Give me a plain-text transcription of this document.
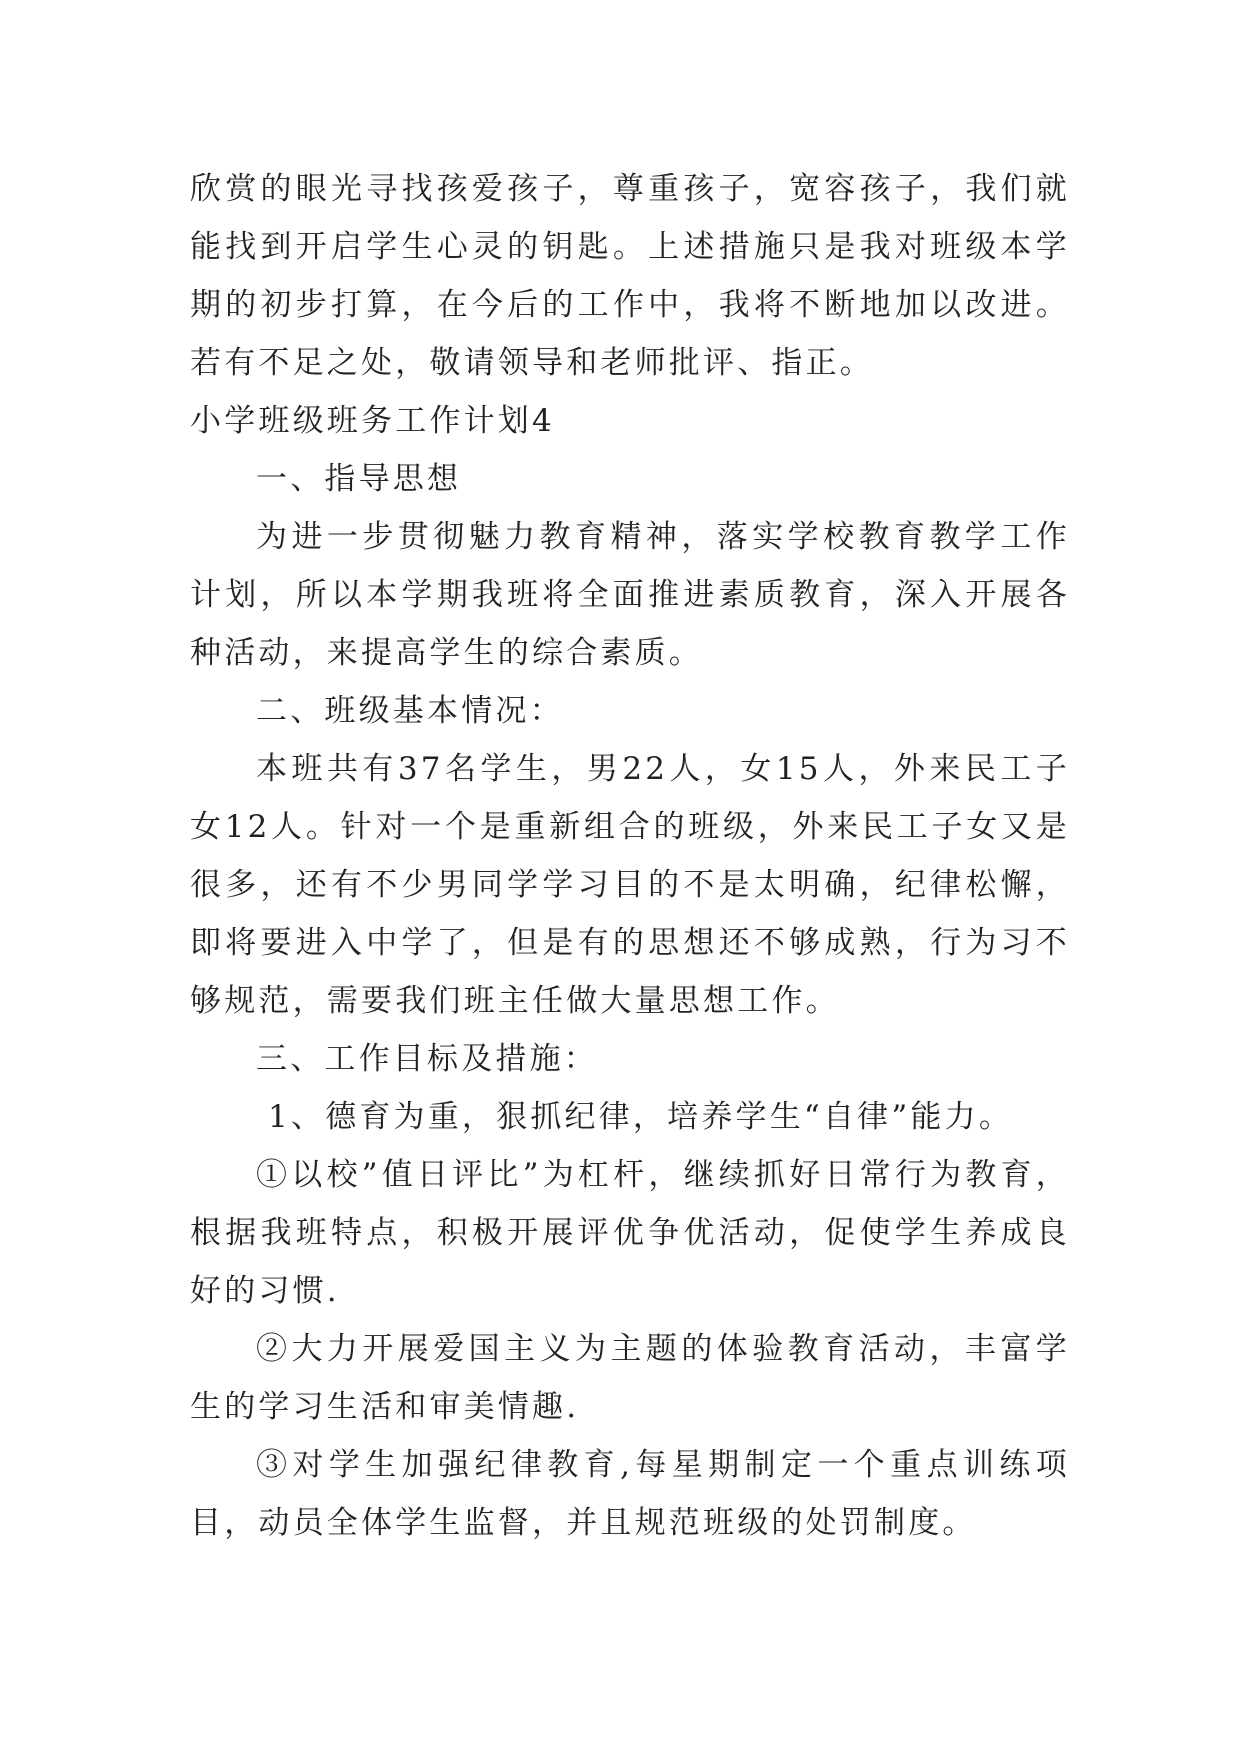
欣赏的眼光寻找孩爱孩子，尊重孩子，宽容孩子，我们就能找到开启学生心灵的钥匙。上述措施只是我对班级本学期的初步打算，在今后的工作中，我将不断地加以改进。若有不足之处，敬请领导和老师批评、指正。

小学班级班务工作计划4

一、指导思想

为进一步贯彻魅力教育精神，落实学校教育教学工作计划，所以本学期我班将全面推进素质教育，深入开展各种活动，来提高学生的综合素质。

二、班级基本情况：

本班共有37名学生，男22人，女15人，外来民工子女12人。针对一个是重新组合的班级，外来民工子女又是很多，还有不少男同学学习目的不是太明确，纪律松懈，即将要进入中学了，但是有的思想还不够成熟，行为习不够规范，需要我们班主任做大量思想工作。

三、工作目标及措施：

1、德育为重，狠抓纪律，培养学生“自律”能力。

①以校”值日评比”为杠杆，继续抓好日常行为教育，根据我班特点，积极开展评优争优活动，促使学生养成良好的习惯.

②大力开展爱国主义为主题的体验教育活动，丰富学生的学习生活和审美情趣.

③对学生加强纪律教育,每星期制定一个重点训练项目，动员全体学生监督，并且规范班级的处罚制度。
